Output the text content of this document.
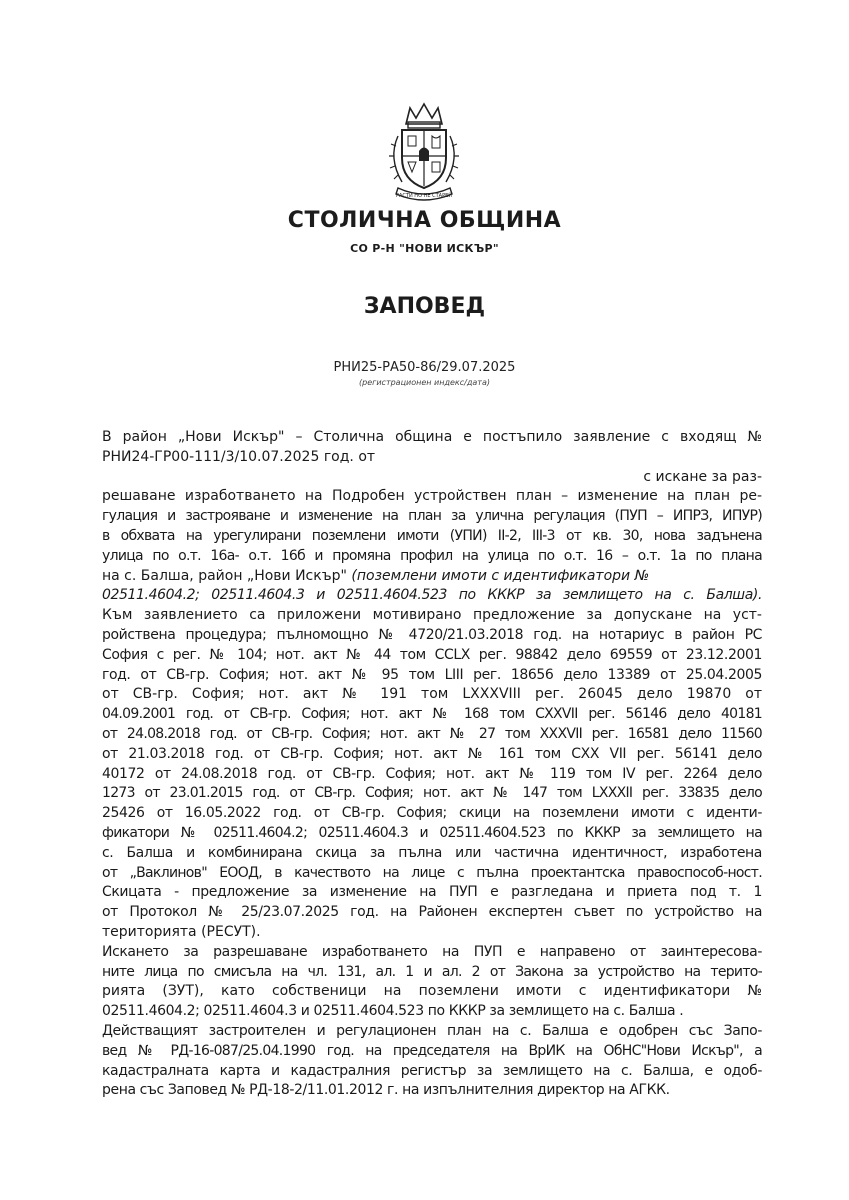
РАСТИ НО НЕ СТАРЕЙ
СТОЛИЧНА ОБЩИНА
СО Р-Н "НОВИ ИСКЪР"
ЗАПОВЕД
РНИ25-РА50-86/29.07.2025
(регистрационен индекс/дата)
В район „Нови Искър" – Столична община е постъпило заявление с входящ №
РНИ24-ГР00-111/3/10.07.2025 год. от
с искане за раз-
решаване изработването на Подробен устройствен план – изменение на план ре-
гулация и застрояване и изменение на план за улична регулация (ПУП – ИПРЗ, ИПУР)
в обхвата на урегулирани поземлени имоти (УПИ) II-2, III-3 от кв. 30, нова задънена
улица по о.т. 16а- о.т. 16б и промяна профил на улица по о.т. 16 – о.т. 1а по плана
на с. Балша, район „Нови Искър" (поземлени имоти с идентификатори №
02511.4604.2; 02511.4604.3 и 02511.4604.523 по КККР за землището на с. Балша).
Към заявлението са приложени мотивирано предложение за допускане на уст-
ройствена процедура; пълномощно № 4720/21.03.2018 год. на нотариус в район РС
София с рег. № 104; нот. акт № 44 том CCLX рег. 98842 дело 69559 от 23.12.2001
год. от СВ-гр. София; нот. акт № 95 том LIII рег. 18656 дело 13389 от 25.04.2005
от СВ-гр. София; нот. акт № 191 том LXXXVIII рег. 26045 дело 19870 от
04.09.2001 год. от СВ-гр. София; нот. акт № 168 том CXXVII рег. 56146 дело 40181
от 24.08.2018 год. от СВ-гр. София; нот. акт № 27 том XXXVII рег. 16581 дело 11560
от 21.03.2018 год. от СВ-гр. София; нот. акт № 161 том CXX VII рег. 56141 дело
40172 от 24.08.2018 год. от СВ-гр. София; нот. акт № 119 том IV рег. 2264 дело
1273 от 23.01.2015 год. от СВ-гр. София; нот. акт № 147 том LXXXII рег. 33835 дело
25426 от 16.05.2022 год. от СВ-гр. София; скици на поземлени имоти с иденти-
фикатори № 02511.4604.2; 02511.4604.3 и 02511.4604.523 по КККР за землището на
с. Балша и комбинирана скица за пълна или частична идентичност, изработена
от „Ваклинов" ЕООД, в качеството на лице с пълна проектантска правоспособ-ност.
Скицата - предложение за изменение на ПУП е разгледана и приета под т. 1
от Протокол № 25/23.07.2025 год. на Районен експертен съвет по устройство на
територията (РЕСУТ).
Искането за разрешаване изработването на ПУП е направено от заинтересова-
ните лица по смисъла на чл. 131, ал. 1 и ал. 2 от Закона за устройство на терито-
рията (ЗУТ), като собственици на поземлени имоти с идентификатори №
02511.4604.2; 02511.4604.3 и 02511.4604.523 по КККР за землището на с. Балша .
Действащият застроителен и регулационен план на с. Балша е одобрен със Запо-
вед № РД-16-087/25.04.1990 год. на председателя на ВрИК на ОбНС"Нови Искър", а
кадастралната карта и кадастралния регистър за землището на с. Балша, е одоб-
рена със Заповед № РД-18-2/11.01.2012 г. на изпълнителния директор на АГКК.
